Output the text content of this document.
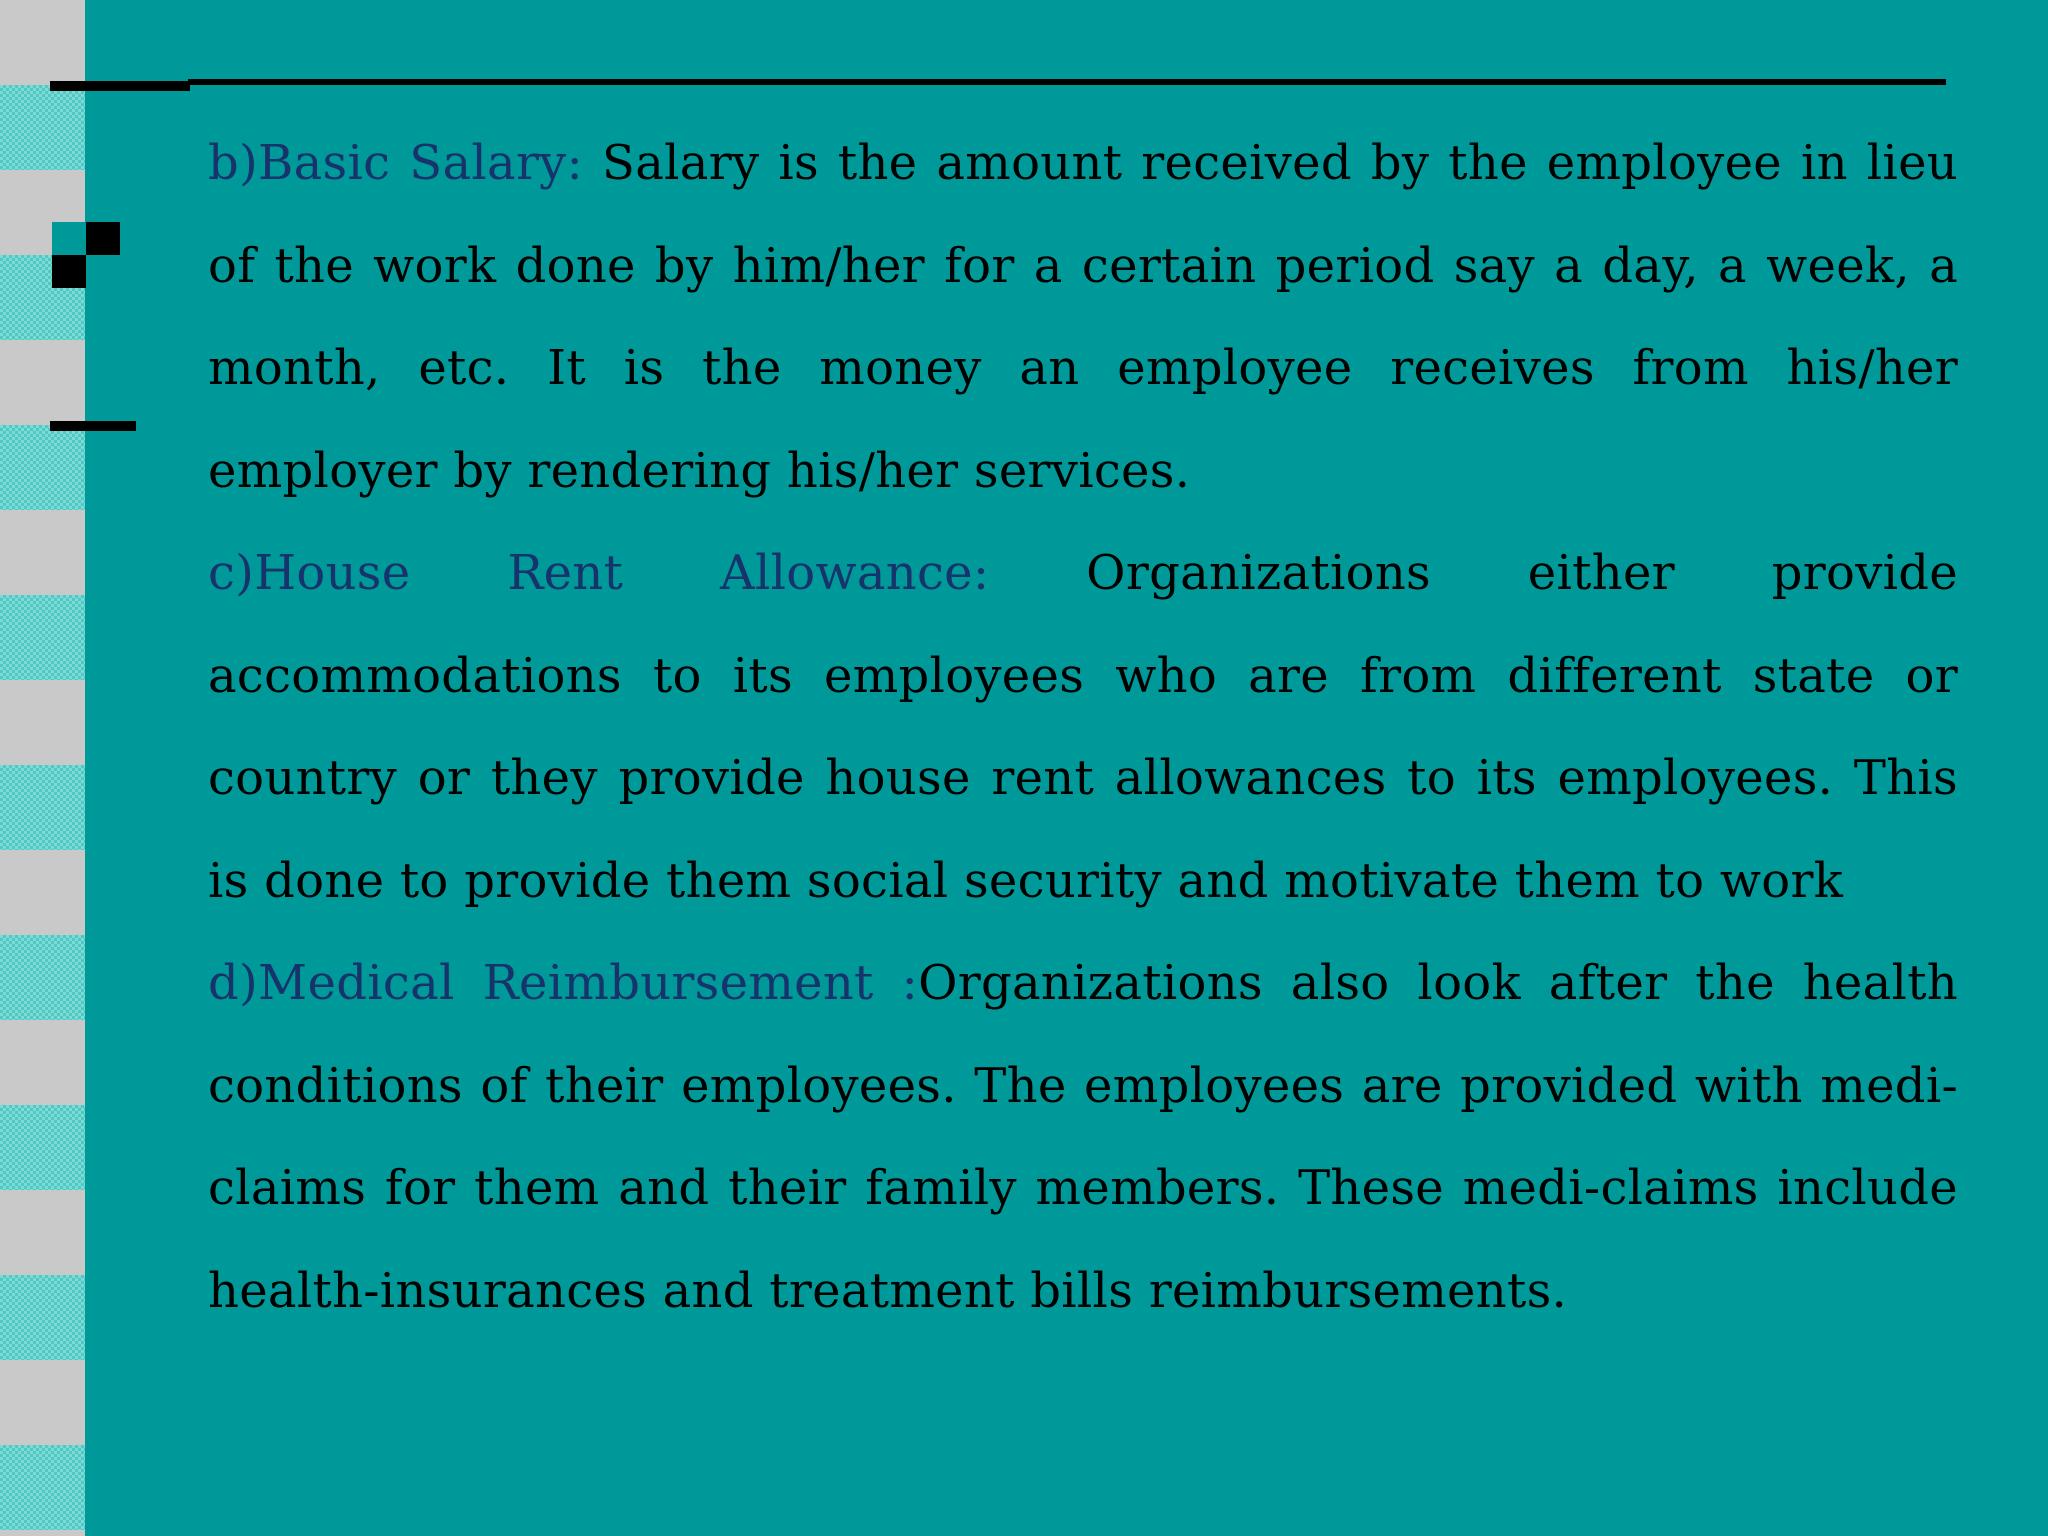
b)Basic Salary: Salary is the amount received by the employee in lieu of the work done by him/her for a certain period say a day, a week, a month, etc. It is the money an employee receives from his/her employer by rendering his/her services.

c)House Rent Allowance: Organizations either provide accommodations to its employees who are from different state or country or they provide house rent allowances to its employees. This is done to provide them social security and motivate them to work

d)Medical Reimbursement :Organizations also look after the health conditions of their employees. The employees are provided with medi-claims for them and their family members. These medi-claims include health-insurances and treatment bills reimbursements.
